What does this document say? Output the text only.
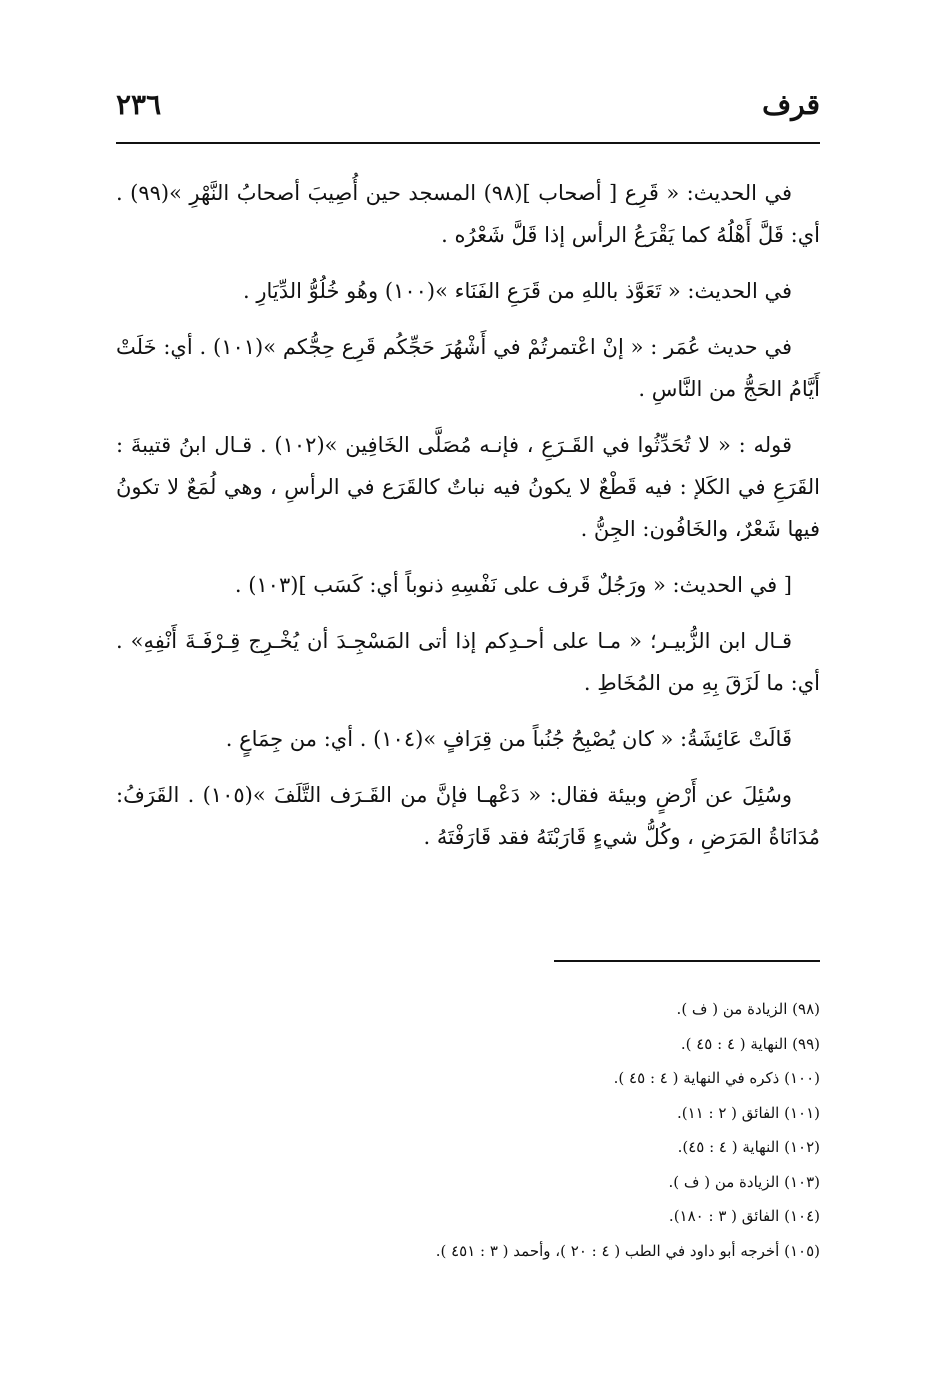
قرف
٢٣٦

في الحديث: « قَرِع [ أصحاب ](٩٨) المسجد حين أُصِيبَ أصحابُ النَّهْرِ »(٩٩) . أي: قَلَّ أَهْلُهُ كما يَقْرَعُ الرأس إذا قَلَّ شَعْرُه .

في الحديث: « تَعَوَّذ باللهِ من قَرَعِ الفَنَاء »(١٠٠) وهُو خُلُوُّ الدِّيَارِ .

في حديث عُمَر : « إنْ اعْتمرتُمْ في أَشْهُرَ حَجِّكُم قَرِع حِجُّكم »(١٠١) . أي: خَلَتْ أَيَّامُ الحَجُّ من النَّاسِ .

قوله : « لا تُحَدِّثُوا في القَـرَعِ ، فإنـه مُصَلَّى الخَافِين »(١٠٢) . قـال ابنُ قتيبةَ : القَرَعِ في الكَلإ : فيه قَطْعٌ لا يكونُ فيه نباتٌ كالقَرَع في الرأسِ ، وهي لُمَعٌ لا تكونُ فيها شَعْرٌ، والخَافُون: الجِنُّ .

[ في الحديث: « ورَجُلٌ قَرف على نَفْسِهِ ذنوباً أي: كَسَب ](١٠٣) .

قـال ابن الزُّبيـر؛ « مـا على أحـدِكم إذا أتى المَسْجِـدَ أن يُخْـرِج قِـرْفَـةَ أَنْفِهِ» . أي: ما لَزَقَ بِهِ من المُخَاطِ .

قَالَتْ عَائِشَةُ: « كان يُصْبِحُ جُنُباً من قِرَافٍ »(١٠٤) . أي: من جِمَاعٍ .

وسُئِلَ عن أَرْضٍ وبيئة فقال: « دَعْهـا فإنَّ من القَـرَف التَّلَفَ »(١٠٥) . القَرَفُ: مُدَانَاةُ المَرَضِ ، وكُلُّ شيءٍ قَارَبْتَهُ فقد قَارَفْتَهُ .

(٩٨) الزيادة من ( ف ).

(٩٩) النهاية ( ٤ : ٤٥ ).

(١٠٠) ذكره في النهاية ( ٤ : ٤٥ ).

(١٠١) الفائق ( ٢ : ١١).

(١٠٢) النهاية ( ٤ : ٤٥).

(١٠٣) الزيادة من ( ف ).

(١٠٤) الفائق ( ٣ : ١٨٠).

(١٠٥) أخرجه أبو داود في الطب ( ٤ : ٢٠ )، وأحمد ( ٣ : ٤٥١ ).
